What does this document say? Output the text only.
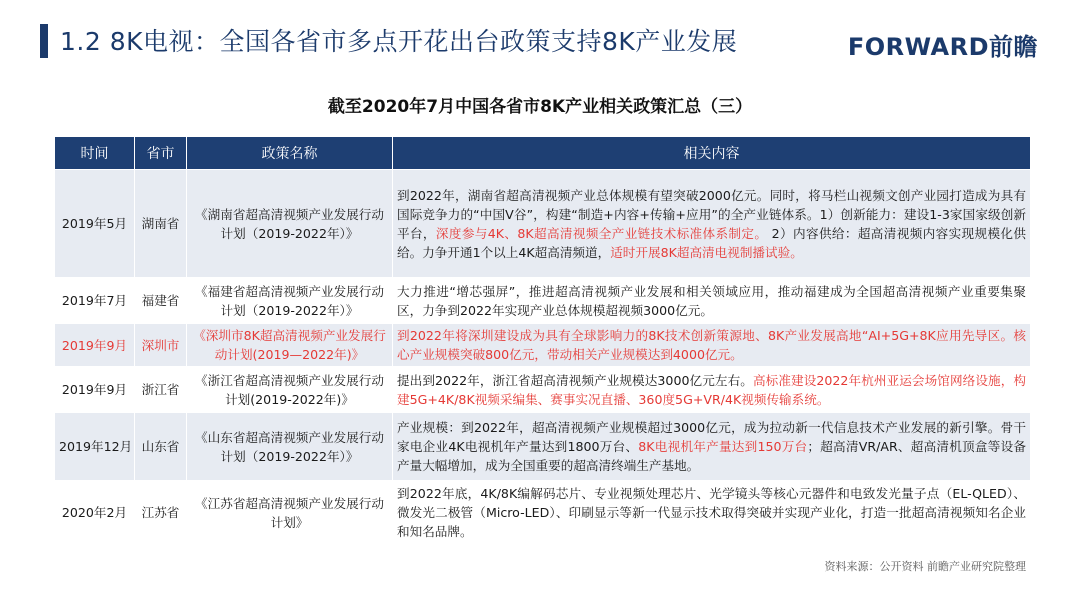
1.2 8K电视：全国各省市多点开花出台政策支持8K产业发展	FORWARD前瞻
截至2020年7月中国各省市8K产业相关政策汇总（三）
时间	省市	政策名称	相关内容
2019年5月	湖南省	《湖南省超高清视频产业发展行动计划（2019-2022年）》	到2022年，湖南省超高清视频产业总体规模有望突破2000亿元。同时，将马栏山视频文创产业园打造成为具有国际竞争力的“中国V谷”，构建“制造+内容+传输+应用”的全产业链体系。1）创新能力：建设1-3家国家级创新平台，深度参与4K、8K超高清视频全产业链技术标准体系制定。 2）内容供给：超高清视频内容实现规模化供给。力争开通1个以上4K超高清频道，适时开展8K超高清电视制播试验。
2019年7月	福建省	《福建省超高清视频产业发展行动计划（2019-2022年）》	大力推进“增芯强屏”，推进超高清视频产业发展和相关领域应用，推动福建成为全国超高清视频产业重要集聚区，力争到2022年实现产业总体规模超视频3000亿元。
2019年9月	深圳市	《深圳市8K超高清视频产业发展行动计划(2019—2022年)》	到2022年将深圳建设成为具有全球影响力的8K技术创新策源地、8K产业发展高地“AI+5G+8K应用先导区。核心产业规模突破800亿元，带动相关产业规模达到4000亿元。
2019年9月	浙江省	《浙江省超高清视频产业发展行动计划(2019-2022年)》	提出到2022年，浙江省超高清视频产业规模达3000亿元左右。高标准建设2022年杭州亚运会场馆网络设施，构建5G+4K/8K视频采编集、赛事实况直播、360度5G+VR/4K视频传输系统。
2019年12月	山东省	《山东省超高清视频产业发展行动计划（2019-2022年）》	产业规模：到2022年，超高清视频产业规模超过3000亿元，成为拉动新一代信息技术产业发展的新引擎。骨干家电企业4K电视机年产量达到1800万台、8K电视机年产量达到150万台；超高清VR/AR、超高清机顶盒等设备产量大幅增加，成为全国重要的超高清终端生产基地。
2020年2月	江苏省	《江苏省超高清视频产业发展行动计划》	到2022年底，4K/8K编解码芯片、专业视频处理芯片、光学镜头等核心元器件和电致发光量子点（EL-QLED）、微发光二极管（Micro-LED）、印刷显示等新一代显示技术取得突破并实现产业化，打造一批超高清视频知名企业和知名品牌。
资料来源：公开资料 前瞻产业研究院整理
